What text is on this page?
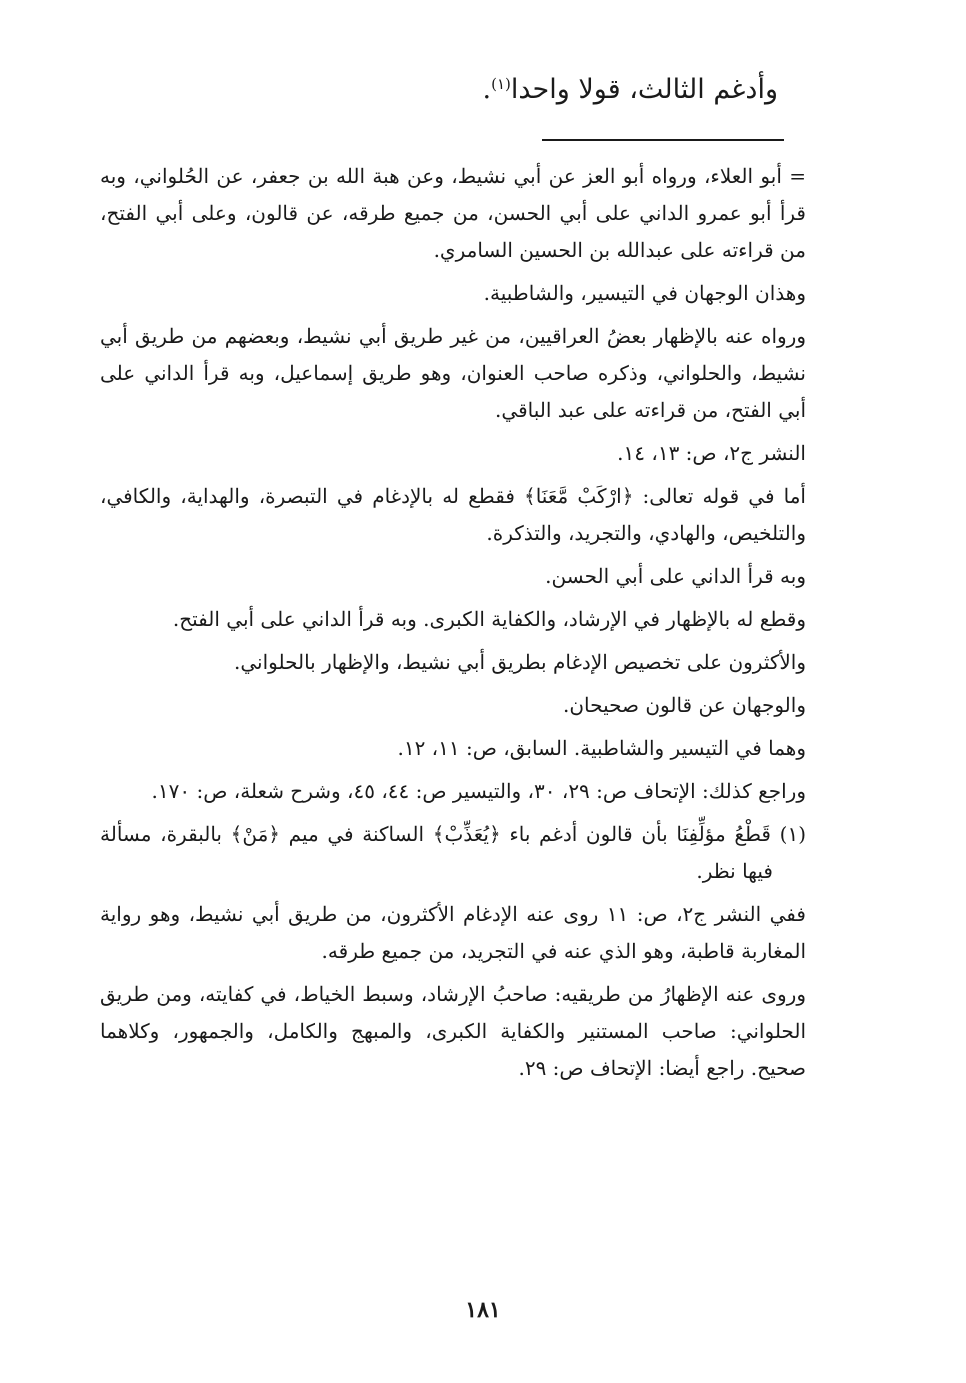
وأدغم الثالث، قولا واحدا$^{(١)}$.

= أبو العلاء، ورواه أبو العز عن أبي نشيط، وعن هبة الله بن جعفر، عن الحُلواني، وبه قرأ أبو عمرو الداني على أبي الحسن، من جميع طرقه، عن قالون، وعلى أبي الفتح، من قراءته على عبدالله بن الحسين السامري.

وهذان الوجهان في التيسير، والشاطبية.

ورواه عنه بالإظهار بعضُ العراقيين، من غير طريق أبي نشيط، وبعضهم من طريق أبي نشيط، والحلواني، وذكره صاحب العنوان، وهو طريق إسماعيل، وبه قرأ الداني على أبي الفتح، من قراءته على عبد الباقي.

النشر ج٢، ص: ١٣، ١٤.

أما في قوله تعالى: ﴿ارْكَبْ مَّعَنَا﴾ فقطع له بالإدغام في التبصرة، والهداية، والكافي، والتلخيص، والهادي، والتجريد، والتذكرة.

وبه قرأ الداني على أبي الحسن.

وقطع له بالإظهار في الإرشاد، والكفاية الكبرى. وبه قرأ الداني على أبي الفتح.

والأكثرون على تخصيص الإدغام بطريق أبي نشيط، والإظهار بالحلواني.

والوجهان عن قالون صحيحان.

وهما في التيسير والشاطبية. السابق، ص: ١١، ١٢.

وراجع كذلك: الإتحاف ص: ٢٩، ٣٠، والتيسير ص: ٤٤، ٤٥، وشرح شعلة، ص: ١٧٠.

(١) قَطْعُ مؤلِّفِنَا بأن قالون أدغم باء ﴿يُعَذِّبْ﴾ الساكنة في ميم ﴿مَنْ﴾ بالبقرة، مسألة فيها نظر.

ففي النشر ج٢، ص: ١١ روى عنه الإدغام الأكثرون، من طريق أبي نشيط، وهو رواية المغاربة قاطبة، وهو الذي عنه في التجريد، من جميع طرقه.

وروى عنه الإظهارُ من طريقيه: صاحبُ الإرشاد، وسبط الخياط، في كفايته، ومن طريق الحلواني: صاحب المستنير والكفاية الكبرى، والمبهج والكامل، والجمهور، وكلاهما صحيح. راجع أيضا: الإتحاف ص: ٢٩.

١٨١
